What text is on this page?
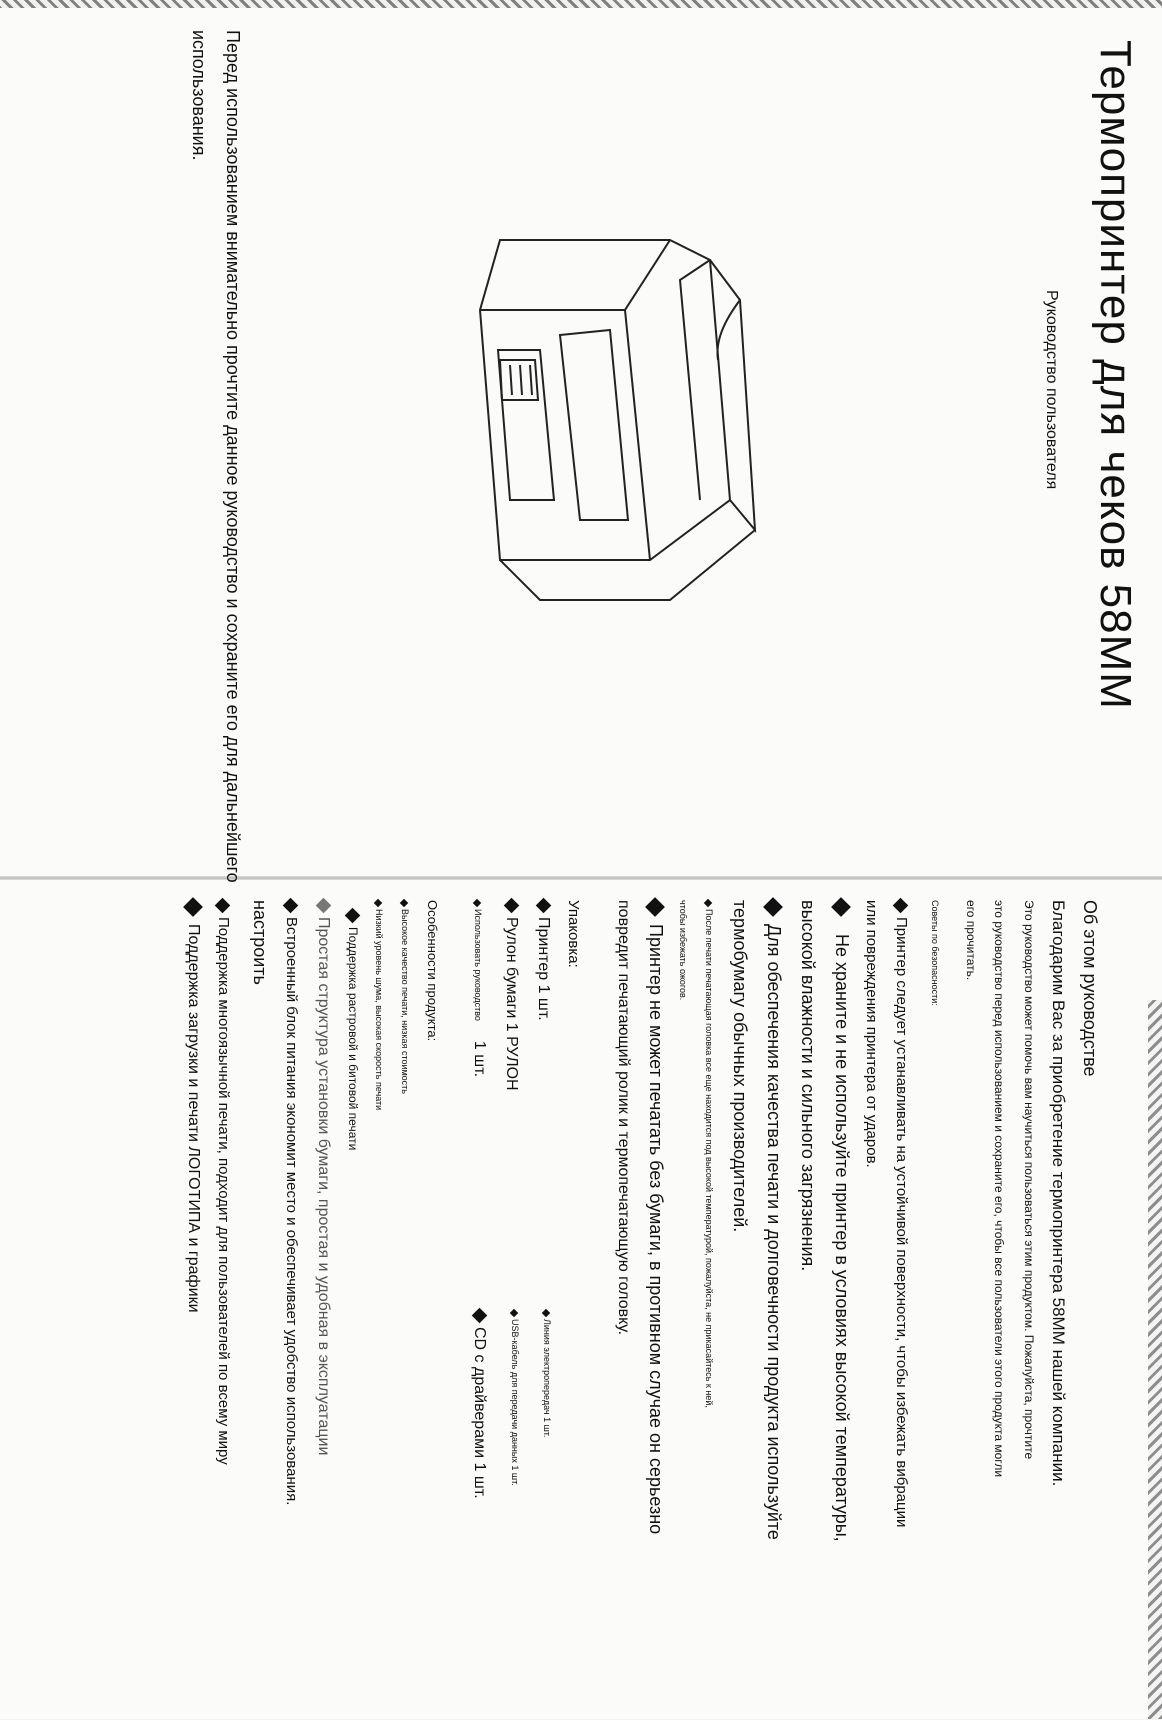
Термопринтер для чеков 58ММ
Руководство пользователя
Перед использованием внимательно прочтите данное руководство и сохраните его для дальнейшего использования.
Об этом руководстве
Благодарим Вас за приобретение термопринтера 58ММ нашей компании.
Это руководство может помочь вам научиться пользоваться этим продуктом. Пожалуйста, прочтите
это руководство перед использованием и сохраните его, чтобы все пользователи этого продукта могли
его прочитать.
Советы по безопасности:
Принтер следует устанавливать на устойчивой поверхности, чтобы избежать вибрации
или повреждения принтера от ударов.
Не храните и не используйте принтер в условиях высокой температуры,
высокой влажности и сильного загрязнения.
Для обеспечения качества печати и долговечности продукта используйте
термобумагу обычных производителей.
После печати печатающая головка все еще находится под высокой температурой, пожалуйста, не прикасайтесь к ней,
чтобы избежать ожогов.
Принтер не может печатать без бумаги, в противном случае он серьезно
повредит печатающий ролик и термопечатающую головку.
Упаковка:
Принтер 1 шт.
Линия электропередач 1 шт.
Рулон бумаги 1 РУЛОН
USB-кабель для передачи данных 1 шт.
Использовать руководство1 шт.
CD с драйверами 1 шт.
Особенности продукта:
Высокое качество печати, низкая стоимость
Низкий уровень шума, высокая скорость печати
Поддержка растровой и битовой печати
Простая структура установки бумаги, простая и удобная в эксплуатации
Встроенный блок питания экономит место и обеспечивает удобство использования.
настроить
Поддержка многоязычной печати, подходит для пользователей по всему миру
Поддержка загрузки и печати ЛОГОТИПА и графики
